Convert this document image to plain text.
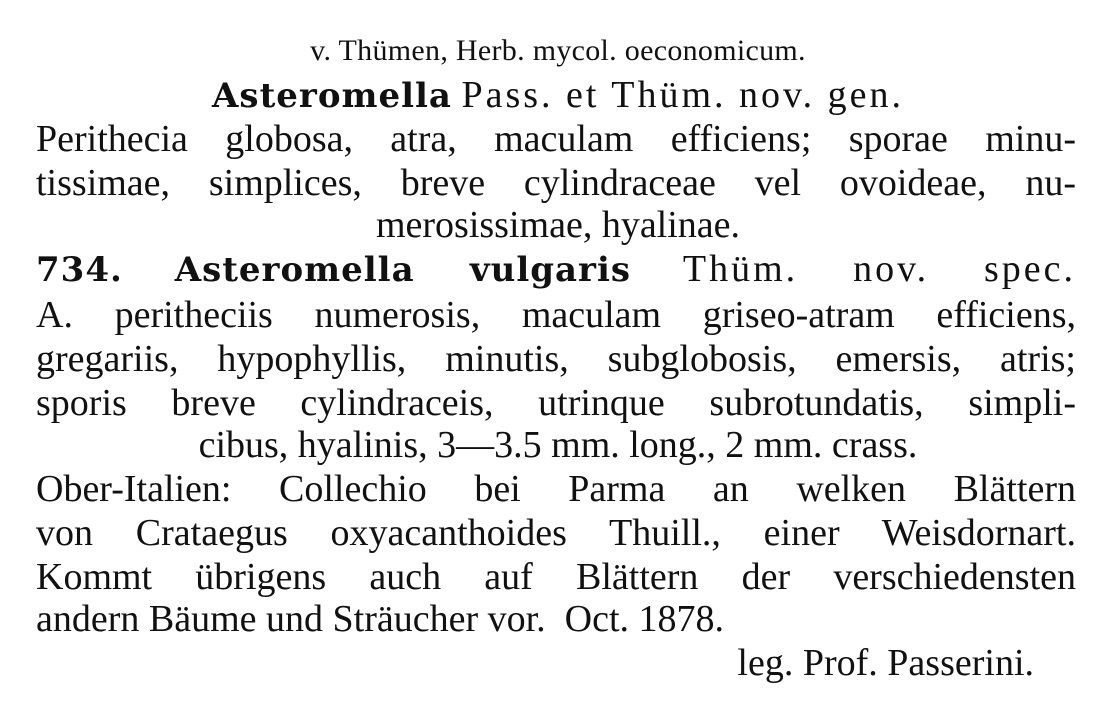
v. Thümen, Herb. mycol. oeconomicum.
Asteromella Pass. et Thüm. nov. gen.
Perithecia globosa, atra, maculam efficiens; sporae minu-
tissimae, simplices, breve cylindraceae vel ovoideae, nu-
merosissimae, hyalinae.
734. Asteromella vulgaris Thüm. nov. spec.
A. peritheciis numerosis, maculam griseo-atram efficiens,
gregariis, hypophyllis, minutis, subglobosis, emersis, atris;
sporis breve cylindraceis, utrinque subrotundatis, simpli-
cibus, hyalinis, 3—3.5 mm. long., 2 mm. crass.
Ober-Italien: Collechio bei Parma an welken Blättern
von Crataegus oxyacanthoides Thuill., einer Weisdornart.
Kommt übrigens auch auf Blättern der verschiedensten
andern Bäume und Sträucher vor.  Oct. 1878.
leg. Prof. Passerini.
